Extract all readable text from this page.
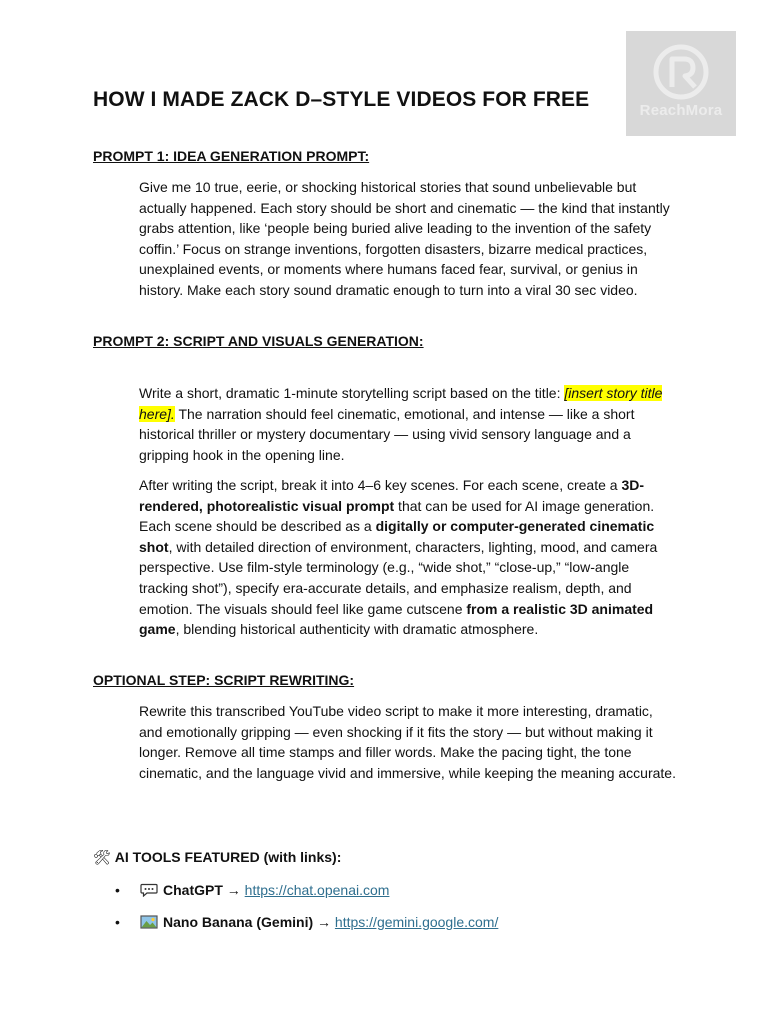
ReachMora
HOW I MADE ZACK D–STYLE VIDEOS FOR FREE
PROMPT 1: IDEA GENERATION PROMPT:

Give me 10 true, eerie, or shocking historical stories that sound unbelievable but actually happened. Each story should be short and cinematic — the kind that instantly grabs attention, like ‘people being buried alive leading to the invention of the safety coffin.’ Focus on strange inventions, forgotten disasters, bizarre medical practices, unexplained events, or moments where humans faced fear, survival, or genius in history. Make each story sound dramatic enough to turn into a viral 30 sec video.

PROMPT 2: SCRIPT AND VISUALS GENERATION:

Write a short, dramatic 1-minute storytelling script based on the title: [insert story title here]. The narration should feel cinematic, emotional, and intense — like a short historical thriller or mystery documentary — using vivid sensory language and a gripping hook in the opening line.

After writing the script, break it into 4–6 key scenes. For each scene, create a 3D-rendered, photorealistic visual prompt that can be used for AI image generation. Each scene should be described as a digitally or computer-generated cinematic shot, with detailed direction of environment, characters, lighting, mood, and camera perspective. Use film-style terminology (e.g., “wide shot,” “close-up,” “low-angle tracking shot”), specify era-accurate details, and emphasize realism, depth, and emotion. The visuals should feel like game cutscene from a realistic 3D animated game, blending historical authenticity with dramatic atmosphere.

OPTIONAL STEP: SCRIPT REWRITING:

Rewrite this transcribed YouTube video script to make it more interesting, dramatic, and emotionally gripping — even shocking if it fits the story — but without making it longer. Remove all time stamps and filler words. Make the pacing tight, the tone cinematic, and the language vivid and immersive, while keeping the meaning accurate.

🛠 AI TOOLS FEATURED (with links):
•	ChatGPT → https://chat.openai.com
•	Nano Banana (Gemini) → https://gemini.google.com/
